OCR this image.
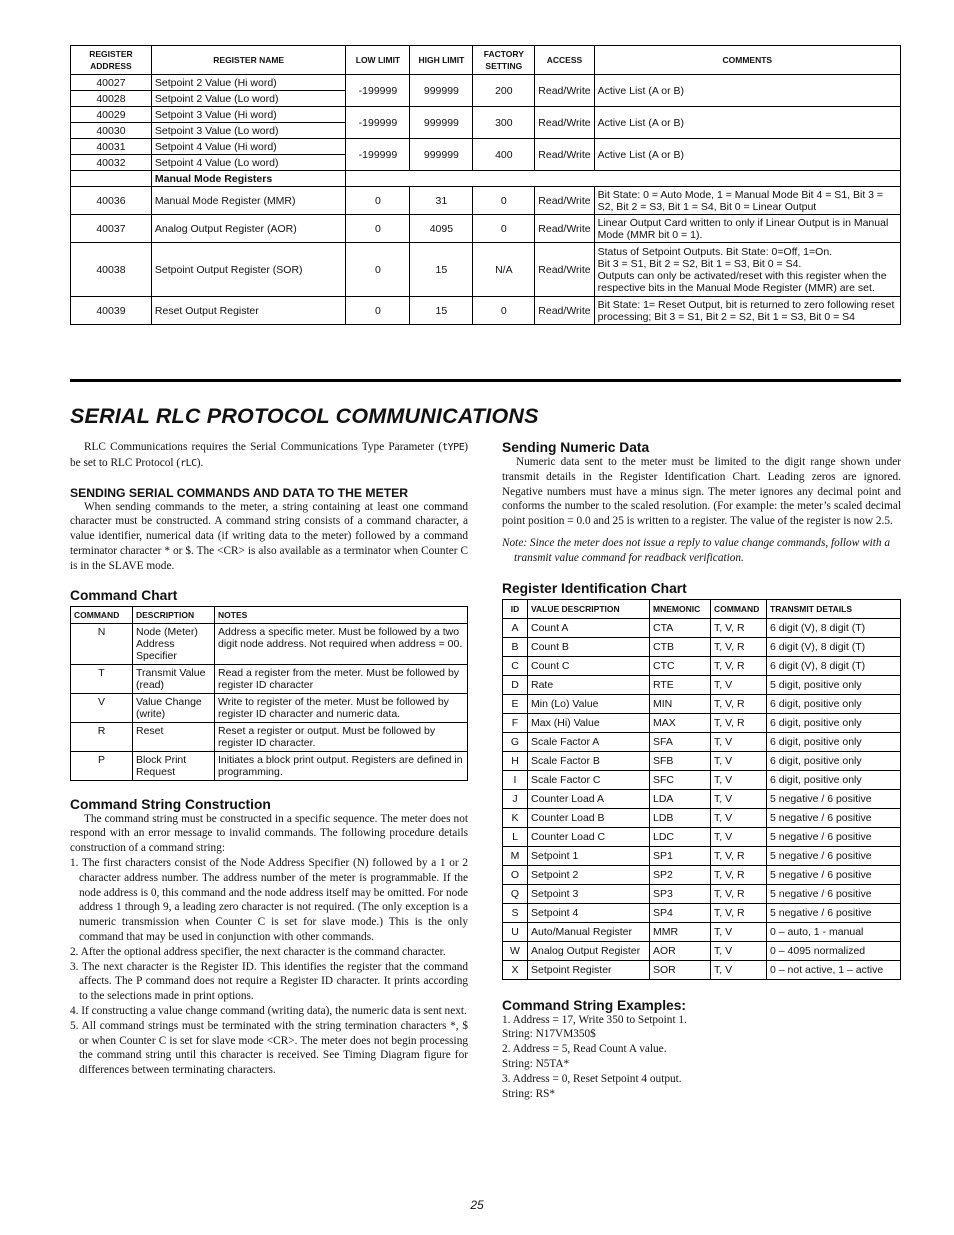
REGISTER ADDRESS	REGISTER NAME	LOW LIMIT	HIGH LIMIT	FACTORY SETTING	ACCESS	COMMENTS
40027	Setpoint 2 Value (Hi word)	-199999	999999	200	Read/Write	Active List (A or B)
40028	Setpoint 2 Value (Lo word)					
40029	Setpoint 3 Value (Hi word)	-199999	999999	300	Read/Write	Active List (A or B)
40030	Setpoint 3 Value (Lo word)					
40031	Setpoint 4 Value (Hi word)	-199999	999999	400	Read/Write	Active List (A or B)
40032	Setpoint 4 Value (Lo word)					
	Manual Mode Registers					
40036	Manual Mode Register (MMR)	0	31	0	Read/Write	Bit State: 0 = Auto Mode, 1 = Manual Mode Bit 4 = S1, Bit 3 = S2, Bit 2 = S3, Bit 1 = S4, Bit 0 = Linear Output
40037	Analog Output Register (AOR)	0	4095	0	Read/Write	Linear Output Card written to only if Linear Output is in Manual Mode (MMR bit 0 = 1).
40038	Setpoint Output Register (SOR)	0	15	N/A	Read/Write	Status of Setpoint Outputs. Bit State: 0=Off, 1=On.
Bit 3 = S1, Bit 2 = S2, Bit 1 = S3, Bit 0 = S4.
Outputs can only be activated/reset with this register when the respective bits in the Manual Mode Register (MMR) are set.

40039	Reset Output Register	0	15	0	Read/Write	Bit State: 1= Reset Output, bit is returned to zero following reset processing; Bit 3 = S1, Bit 2 = S2, Bit 1 = S3, Bit 0 = S4
SERIAL RLC PROTOCOL COMMUNICATIONS

RLC Communications requires the Serial Communications Type Parameter (tYPE) be set to RLC Protocol (rLC).

SENDING SERIAL COMMANDS AND DATA TO THE METER

When sending commands to the meter, a string containing at least one command character must be constructed. A command string consists of a command character, a value identifier, numerical data (if writing data to the meter) followed by a command terminator character * or $. The <CR> is also available as a terminator when Counter C is in the SLAVE mode.

Command Chart
COMMAND	DESCRIPTION	NOTES
N	Node (Meter) Address Specifier	Address a specific meter. Must be followed by a two digit node address. Not required when address = 00.
T	Transmit Value (read)	Read a register from the meter. Must be followed by register ID character
V	Value Change (write)	Write to register of the meter. Must be followed by register ID character and numeric data.
R	Reset	Reset a register or output. Must be followed by register ID character.
P	Block Print Request	Initiates a block print output. Registers are defined in programming.
Command String Construction

The command string must be constructed in a specific sequence. The meter does not respond with an error message to invalid commands. The following procedure details construction of a command string:

1. The first characters consist of the Node Address Specifier (N) followed by a 1 or 2 character address number. The address number of the meter is programmable. If the node address is 0, this command and the node address itself may be omitted. For node address 1 through 9, a leading zero character is not required. (The only exception is a numeric transmission when Counter C is set for slave mode.) This is the only command that may be used in conjunction with other commands.
2. After the optional address specifier, the next character is the command character.
3. The next character is the Register ID. This identifies the register that the command affects. The P command does not require a Register ID character. It prints according to the selections made in print options.
4. If constructing a value change command (writing data), the numeric data is sent next.
5. All command strings must be terminated with the string termination characters *, $ or when Counter C is set for slave mode <CR>. The meter does not begin processing the command string until this character is received. See Timing Diagram figure for differences between terminating characters.
Sending Numeric Data

Numeric data sent to the meter must be limited to the digit range shown under transmit details in the Register Identification Chart. Leading zeros are ignored. Negative numbers must have a minus sign. The meter ignores any decimal point and conforms the number to the scaled resolution. (For example: the meter’s scaled decimal point position = 0.0 and 25 is written to a register. The value of the register is now 2.5.

Note: Since the meter does not issue a reply to value change commands, follow with a transmit value command for readback verification.

Register Identification Chart
ID	VALUE DESCRIPTION	MNEMONIC	COMMAND	TRANSMIT DETAILS
A	Count A	CTA	T, V, R	6 digit (V), 8 digit (T)
B	Count B	CTB	T, V, R	6 digit (V), 8 digit (T)
C	Count C	CTC	T, V, R	6 digit (V), 8 digit (T)
D	Rate	RTE	T, V	5 digit, positive only
E	Min (Lo) Value	MIN	T, V, R	6 digit, positive only
F	Max (Hi) Value	MAX	T, V, R	6 digit, positive only
G	Scale Factor A	SFA	T, V	6 digit, positive only
H	Scale Factor B	SFB	T, V	6 digit, positive only
I	Scale Factor C	SFC	T, V	6 digit, positive only
J	Counter Load A	LDA	T, V	5 negative / 6 positive
K	Counter Load B	LDB	T, V	5 negative / 6 positive
L	Counter Load C	LDC	T, V	5 negative / 6 positive
M	Setpoint 1	SP1	T, V, R	5 negative / 6 positive
O	Setpoint 2	SP2	T, V, R	5 negative / 6 positive
Q	Setpoint 3	SP3	T, V, R	5 negative / 6 positive
S	Setpoint 4	SP4	T, V, R	5 negative / 6 positive
U	Auto/Manual Register	MMR	T, V	0 – auto, 1 - manual
W	Analog Output Register	AOR	T, V	0 – 4095 normalized
X	Setpoint Register	SOR	T, V	0 – not active, 1 – active
Command String Examples:

1. Address = 17, Write 350 to Setpoint 1.

String: N17VM350$

2. Address = 5, Read Count A value.

String: N5TA*

3. Address = 0, Reset Setpoint 4 output.

String: RS*

25
